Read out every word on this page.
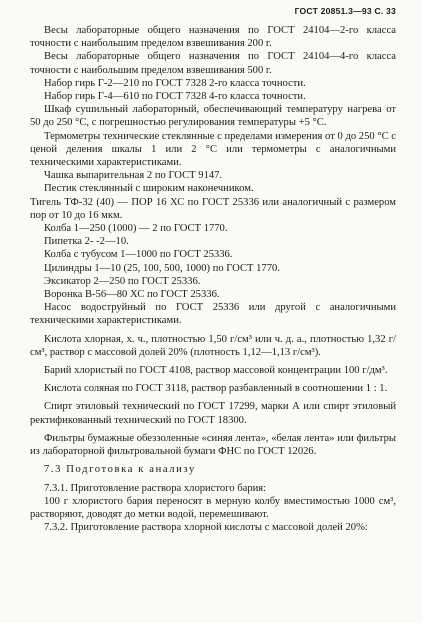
ГОСТ 20851.3—93 С. 33

Весы лабораторные общего назначения по ГОСТ 24104—2-го класса точности с наибольшим пределом взвешивания 200 г.

Весы лабораторные общего назначения по ГОСТ 24104—4-го класса точности с наибольшим пределом взвешивания 500 г.

Набор гирь Г-2—210 по ГОСТ 7328 2-го класса точности.

Набор гирь Г-4—610 по ГОСТ 7328 4-го класса точности.

Шкаф сушильный лабораторный, обеспечивающий температуру нагрева от 50 до 250 °С, с погрешностью регулирования температуры +5 °С.

Термометры технические стеклянные с пределами измерения от 0 до 250 °С с ценой деления шкалы 1 или 2 °С или термометры с аналогичными техническими характеристиками.

Чашка выпарительная 2 по ГОСТ 9147.

Пестик стеклянный с широким наконечником.

Тигель ТФ-32 (40) — ПОР 16 ХС по ГОСТ 25336 или аналогичный с размером пор от 10 до 16 мкм.

Колба 1—250 (1000) — 2 по ГОСТ 1770.

Пипетка 2- -2—10.

Колба с тубусом 1—1000 по ГОСТ 25336.

Цилиндры 1—10 (25, 100, 500, 1000) по ГОСТ 1770.

Эксикатор 2—250 по ГОСТ 25336.

Воронка В-56—80 ХС по ГОСТ 25336.

Насос водоструйный по ГОСТ 25336 или другой с аналогичными техническими характеристиками.

Кислота хлорная, х. ч., плотностью 1,50 г/см³ или ч. д. а., плотностью 1,32 г/см³, раствор с массовой долей 20% (плотность 1,12—1,13 г/см³).

Барий хлористый по ГОСТ 4108, раствор массовой концентрации 100 г/дм³.

Кислота соляная по ГОСТ 3118, раствор разбавленный в соотношении 1 : 1.

Спирт этиловый технический по ГОСТ 17299, марки А или спирт этиловый ректификованный технический по ГОСТ 18300.

Фильтры бумажные обеззоленные «синяя лента», «белая лента» или фильтры из лабораторной фильтровальной бумаги ФНС по ГОСТ 12026.

7.3 Подготовка к анализу

7.3.1. Приготовление раствора хлористого бария:

100 г хлористого бария переносят в мерную колбу вместимостью 1000 см³, растворяют, доводят до метки водой, перемешивают.

7.3.2. Приготовление раствора хлорной кислоты с массовой долей 20%:
